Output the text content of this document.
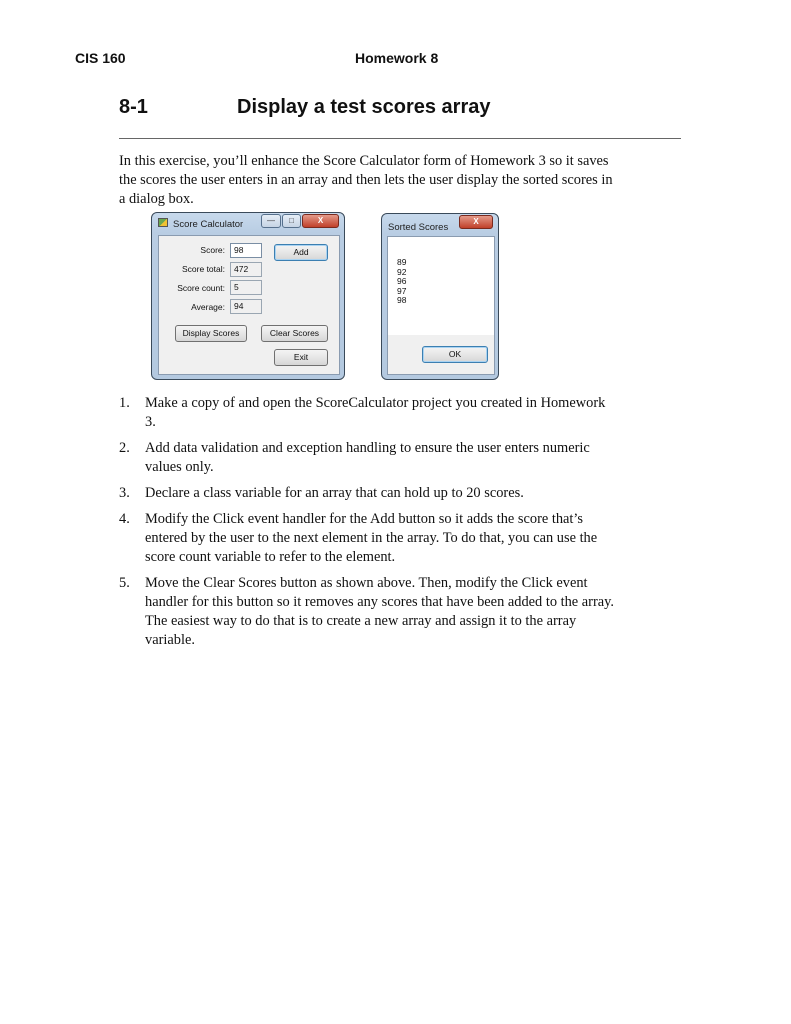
CIS 160	Homework 8
8-1	Display a test scores array

In this exercise, you’ll enhance the Score Calculator form of Homework 3 so it saves the scores the user enters in an array and then lets the user display the sorted scores in a dialog box.

Score Calculator	—	□	X
Score:	98	Add
Score total:	472
Score count:	5
Average:	94
Display Scores	Clear Scores
Exit
Sorted Scores
X
89
92
96
97
98
OK
1. Make a copy of and open the ScoreCalculator project you created in Homework 3.
2. Add data validation and exception handling to ensure the user enters numeric values only.
3. Declare a class variable for an array that can hold up to 20 scores.
4. Modify the Click event handler for the Add button so it adds the score that’s entered by the user to the next element in the array. To do that, you can use the score count variable to refer to the element.
5. Move the Clear Scores button as shown above. Then, modify the Click event handler for this button so it removes any scores that have been added to the array. The easiest way to do that is to create a new array and assign it to the array variable.
